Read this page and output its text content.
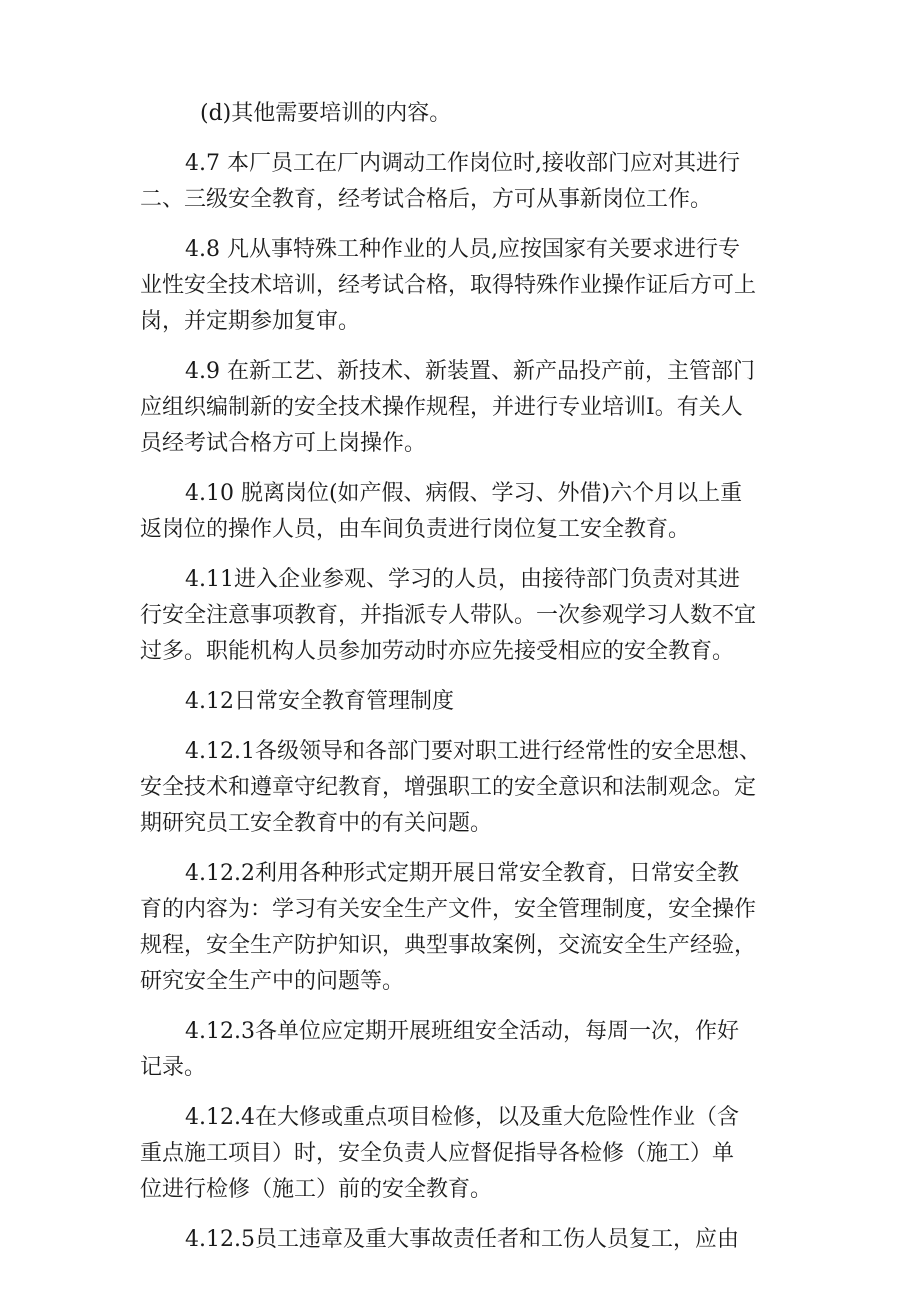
(d)其他需要培训的内容。

4.7 本厂员工在厂内调动工作岗位时,接收部门应对其进行
二、三级安全教育，经考试合格后，方可从事新岗位工作。

4.8 凡从事特殊工种作业的人员,应按国家有关要求进行专
业性安全技术培训，经考试合格，取得特殊作业操作证后方可上
岗，并定期参加复审。

4.9 在新工艺、新技术、新装置、新产品投产前，主管部门
应组织编制新的安全技术操作规程，并进行专业培训Ⅰ。有关人
员经考试合格方可上岗操作。

4.10 脱离岗位(如产假、病假、学习、外借)六个月以上重
返岗位的操作人员，由车间负责进行岗位复工安全教育。

4.11进入企业参观、学习的人员，由接待部门负责对其进
行安全注意事项教育，并指派专人带队。一次参观学习人数不宜
过多。职能机构人员参加劳动时亦应先接受相应的安全教育。

4.12日常安全教育管理制度

4.12.1各级领导和各部门要对职工进行经常性的安全思想、
安全技术和遵章守纪教育，增强职工的安全意识和法制观念。定
期研究员工安全教育中的有关问题。

4.12.2利用各种形式定期开展日常安全教育，日常安全教
育的内容为：学习有关安全生产文件，安全管理制度，安全操作
规程，安全生产防护知识，典型事故案例，交流安全生产经验，
研究安全生产中的问题等。

4.12.3各单位应定期开展班组安全活动，每周一次，作好
记录。

4.12.4在大修或重点项目检修，以及重大危险性作业（含
重点施工项目）时，安全负责人应督促指导各检修（施工）单
位进行检修（施工）前的安全教育。

4.12.5员工违章及重大事故责任者和工伤人员复工，应由
